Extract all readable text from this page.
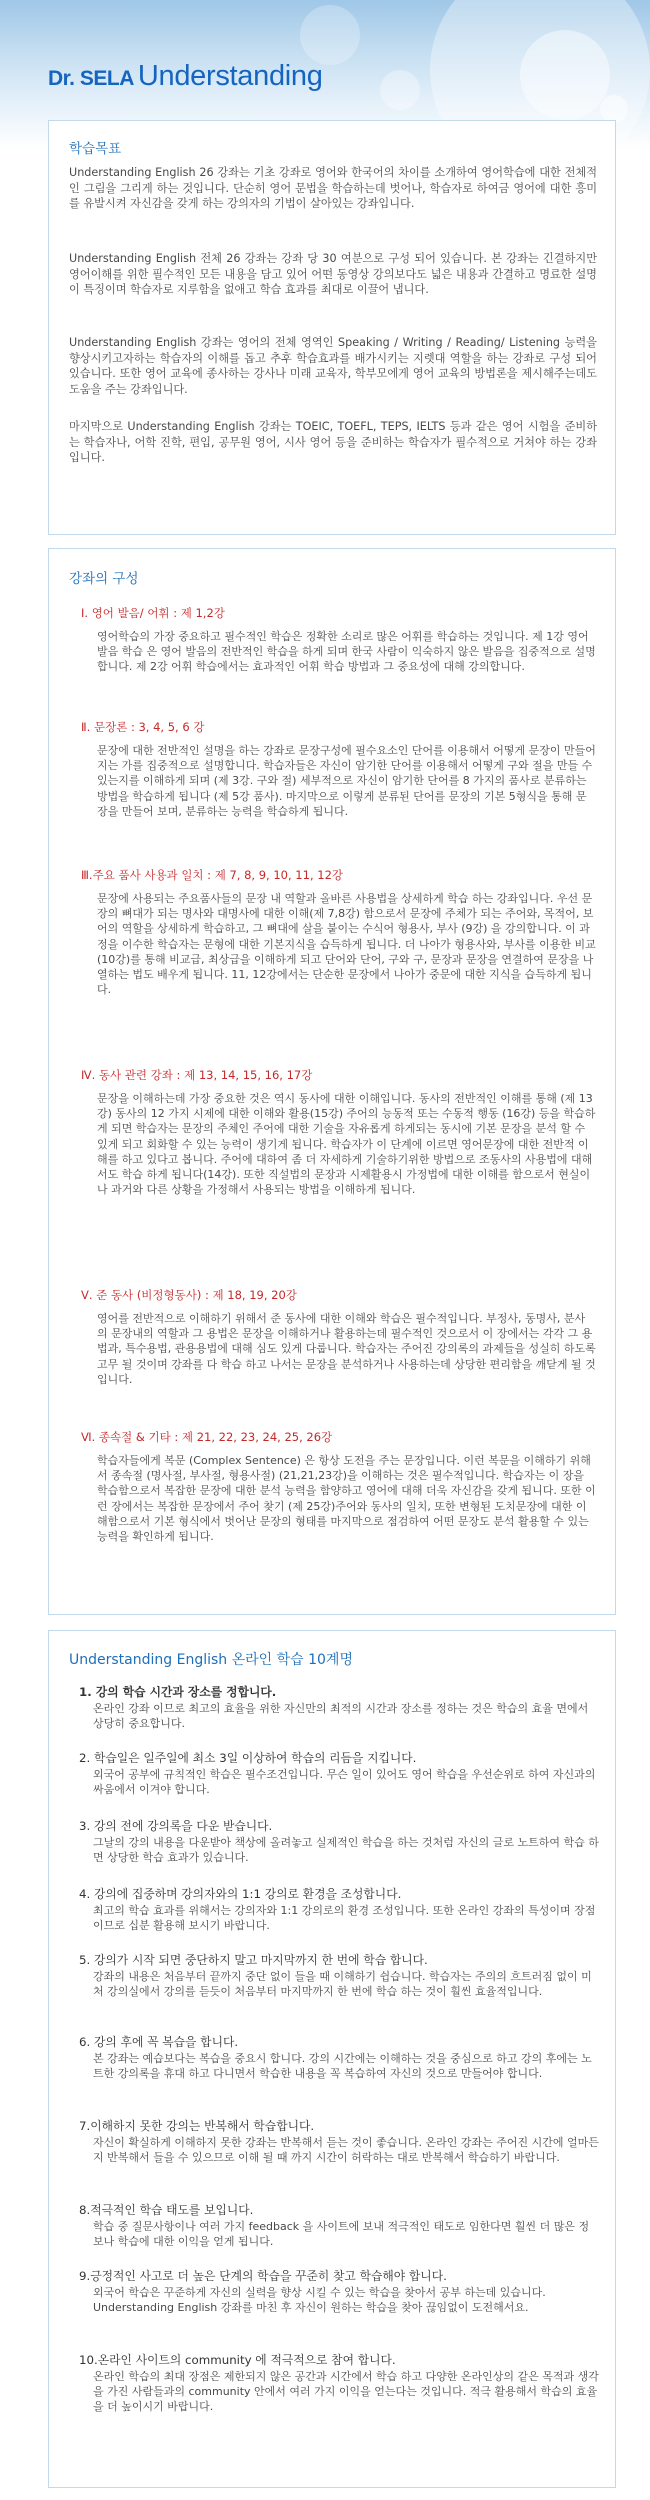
Dr. SELA Understanding
학습목표
Understanding English 26 강좌는 기초 강좌로 영어와 한국어의 차이를 소개하여 영어학습에 대한 전체적인 그림을 그리게 하는 것입니다. 단순히 영어 문법을 학습하는데 벗어나, 학습자로 하여금 영어에 대한 흥미를 유발시켜 자신감을 갖게 하는 강의자의 기법이 살아있는 강좌입니다.
Understanding English 전체 26 강좌는 강좌 당 30 여분으로 구성 되어 있습니다. 본 강좌는 긴결하지만 영어이해를 위한 필수적인 모든 내용을 담고 있어 어떤 동영상 강의보다도 넓은 내용과 간결하고 명료한 설명이 특징이며 학습자로 지루함을 없애고 학습 효과를 최대로 이끌어 냅니다.
Understanding English 강좌는 영어의 전체 영역인 Speaking / Writing / Reading/ Listening 능력을 향상시키고자하는 학습자의 이해를 돕고 추후 학습효과를 배가시키는 지렛대 역할을 하는 강좌로 구성 되어있습니다. 또한 영어 교육에 종사하는 강사나 미래 교육자, 학부모에게 영어 교육의 방법론을 제시해주는데도 도움을 주는 강좌입니다.
마지막으로 Understanding English 강좌는 TOEIC, TOEFL, TEPS, IELTS 등과 같은 영어 시험을 준비하는 학습자나, 어학 진학, 편입, 공무원 영어, 시사 영어 등을 준비하는 학습자가 필수적으로 거쳐야 하는 강좌입니다.
강좌의 구성
Ⅰ. 영어 발음/ 어휘 : 제 1,2강
영어학습의 가장 중요하고 필수적인 학습은 정확한 소리로 많은 어휘를 학습하는 것입니다. 제 1강 영어발음 학습 은 영어 발음의 전반적인 학습을 하게 되며 한국 사람이 익숙하지 않은 발음을 집중적으로 설명합니다. 제 2강 어휘 학습에서는 효과적인 어휘 학습 방법과 그 중요성에 대해 강의합니다.
Ⅱ. 문장론 : 3, 4, 5, 6 강
문장에 대한 전반적인 설명을 하는 강좌로 문장구성에 필수요소인 단어를 이용해서 어떻게 문장이 만들어지는 가를 집중적으로 설명합니다. 학습자들은 자신이 암기한 단어를 이용해서 어떻게 구와 절을 만들 수 있는지를 이해하게 되며 (제 3강. 구와 절) 세부적으로 자신이 암기한 단어를 8 가지의 품사로 분류하는 방법을 학습하게 됩니다 (제 5강 품사). 마지막으로 이렇게 분류된 단어를 문장의 기본 5형식을 통해 문장을 만들어 보며, 분류하는 능력을 학습하게 됩니다.
Ⅲ.주요 품사 사용과 일치 : 제 7, 8, 9, 10, 11, 12강
문장에 사용되는 주요품사들의 문장 내 역할과 올바른 사용법을 상세하게 학습 하는 강좌입니다. 우선 문장의 뼈대가 되는 명사와 대명사에 대한 이해(제 7,8강) 함으로서 문장에 주체가 되는 주어와, 목적어, 보어의 역할을 상세하게 학습하고, 그 뼈대에 살을 붙이는 수식어 형용사, 부사 (9강) 을 강의합니다. 이 과정을 이수한 학습자는 문형에 대한 기본지식을 습득하게 됩니다. 더 나아가 형용사와, 부사를 이용한 비교(10강)를 통해 비교급, 최상급을 이해하게 되고 단어와 단어, 구와 구, 문장과 문장을 연결하여 문장을 나열하는 법도 배우게 됩니다. 11, 12강에서는 단순한 문장에서 나아가 중문에 대한 지식을 습득하게 됩니다.
Ⅳ. 동사 관련 강좌 : 제 13, 14, 15, 16, 17강
문장을 이해하는데 가장 중요한 것은 역시 동사에 대한 이해입니다. 동사의 전반적인 이해를 통해 (제 13강) 동사의 12 가지 시제에 대한 이해와 활용(15강) 주어의 능동적 또는 수동적 행동 (16강) 등을 학습하게 되면 학습자는 문장의 주체인 주어에 대한 기술을 자유롭게 하게되는 동시에 기본 문장을 분석 할 수 있게 되고 회화할 수 있는 능력이 생기게 됩니다. 학습자가 이 단계에 이르면 영어문장에 대한 전반적 이해를 하고 있다고 봅니다. 주어에 대하여 좀 더 자세하게 기술하기위한 방법으로 조동사의 사용법에 대해서도 학습 하게 됩니다(14강). 또한 직설법의 문장과 시제활용시 가정법에 대한 이해를 함으로서 현실이나 과거와 다른 상황을 가정해서 사용되는 방법을 이해하게 됩니다.
Ⅴ. 준 동사 (비정형동사) : 제 18, 19, 20강
영어를 전반적으로 이해하기 위해서 준 동사에 대한 이해와 학습은 필수적입니다. 부정사, 동명사, 분사 의 문장내의 역할과 그 용법은 문장을 이해하거나 활용하는데 필수적인 것으로서 이 장에서는 각각 그 용법과, 특수용법, 관용용법에 대해 심도 있게 다룹니다. 학습자는 주어진 강의록의 과제들을 성실히 하도록 고무 될 것이며 강좌를 다 학습 하고 나서는 문장을 분석하거나 사용하는데 상당한 편리함을 깨닫게 될 것입니다.
Ⅵ. 종속절 & 기타 : 제 21, 22, 23, 24, 25, 26강
학습자들에게 복문 (Complex Sentence) 은 항상 도전을 주는 문장입니다. 이런 복문을 이해하기 위해서 종속절 (명사절, 부사절, 형용사절) (21,21,23강)을 이해하는 것은 필수적입니다. 학습자는 이 장을 학습함으로서 복잡한 문장에 대한 분석 능력을 함양하고 영어에 대해 더욱 자신감을 갖게 됩니다. 또한 이런 장에서는 복잡한 문장에서 주어 찾기 (제 25강)주어와 동사의 일치, 또한 변형된 도치문장에 대한 이해함으로서 기본 형식에서 벗어난 문장의 형태를 마지막으로 점검하여 어떤 문장도 분석 활용할 수 있는 능력을 확인하게 됩니다.
Understanding English 온라인 학습 10계명
1. 강의 학습 시간과 장소를 정합니다.
온라인 강좌 이므로 최고의 효율을 위한 자신만의 최적의 시간과 장소를 정하는 것은 학습의 효율 면에서 상당히 중요합니다.
2. 학습일은 일주일에 최소 3일 이상하여 학습의 리듬을 지킵니다.
외국어 공부에 규칙적인 학습은 필수조건입니다. 무슨 일이 있어도 영어 학습을 우선순위로 하여 자신과의 싸움에서 이겨야 합니다.
3. 강의 전에 강의록을 다운 받습니다.
그날의 강의 내용을 다운받아 책상에 올려놓고 실제적인 학습을 하는 것처럼 자신의 글로 노트하여 학습 하면 상당한 학습 효과가 있습니다.
4. 강의에 집중하며 강의자와의 1:1 강의로 환경을 조성합니다.
최고의 학습 효과를 위해서는 강의자와 1:1 강의로의 환경 조성입니다. 또한 온라인 강좌의 특성이며 장점이므로 십분 활용해 보시기 바랍니다.
5. 강의가 시작 되면 중단하지 말고 마지막까지 한 번에 학습 합니다.
강좌의 내용은 처음부터 끝까지 중단 없이 들을 때 이해하기 쉽습니다. 학습자는 주의의 흐트러짐 없이 미처 강의실에서 강의를 듣듯이 처음부터 마지막까지 한 번에 학습 하는 것이 훨씬 효율적입니다.
6. 강의 후에 꼭 복습을 합니다.
본 강좌는 예습보다는 복습을 중요시 합니다. 강의 시간에는 이해하는 것을 중심으로 하고 강의 후에는 노트한 강의록을 휴대 하고 다니면서 학습한 내용을 꼭 복습하여 자신의 것으로 만들어야 합니다.
7.이해하지 못한 강의는 반복해서 학습합니다.
자신이 확실하게 이해하지 못한 강좌는 반복해서 듣는 것이 좋습니다. 온라인 강좌는 주어진 시간에 얼마든지 반복해서 들을 수 있으므로 이해 될 때 까지 시간이 허락하는 대로 반복해서 학습하기 바랍니다.
8.적극적인 학습 태도를 보입니다.
학습 중 질문사항이나 여러 가지 feedback 을 사이트에 보내 적극적인 태도로 임한다면 훨씬 더 많은 정보나 학습에 대한 이익을 얻게 됩니다.
9.긍정적인 사고로 더 높은 단계의 학습을 꾸준히 찾고 학습해야 합니다.
외국어 학습은 꾸준하게 자신의 실력을 향상 시킬 수 있는 학습을 찾아서 공부 하는데 있습니다. Understanding English 강좌를 마친 후 자신이 원하는 학습을 찾아 끊임없이 도전해서요.
10.온라인 사이트의 community 에 적극적으로 참여 합니다.
온라인 학습의 최대 장점은 제한되지 않은 공간과 시간에서 학습 하고 다양한 온라인상의 같은 목적과 생각을 가진 사람들과의 community 안에서 여러 가지 이익을 얻는다는 것입니다. 적극 활용해서 학습의 효율을 더 높이시기 바랍니다.
